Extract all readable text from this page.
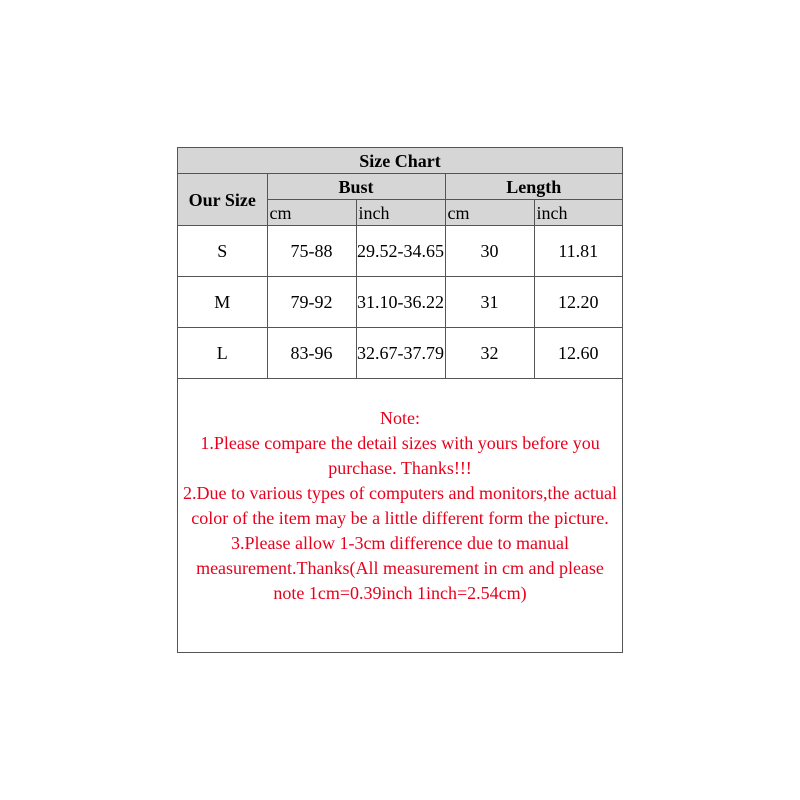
Size Chart				
Our Size	Bust		Length	
	cm	inch	cm	inch
S	75-88	29.52-34.65	30	11.81
M	79-92	31.10-36.22	31	12.20
L	83-96	32.67-37.79	32	12.60
Note:
1.Please compare the detail sizes with yours before you purchase. Thanks!!!
2.Due to various types of computers and monitors,the actual color of the item may be a little different form the picture.
3.Please allow 1-3cm difference due to manual measurement.Thanks(All measurement in cm and please note 1cm=0.39inch 1inch=2.54cm)
